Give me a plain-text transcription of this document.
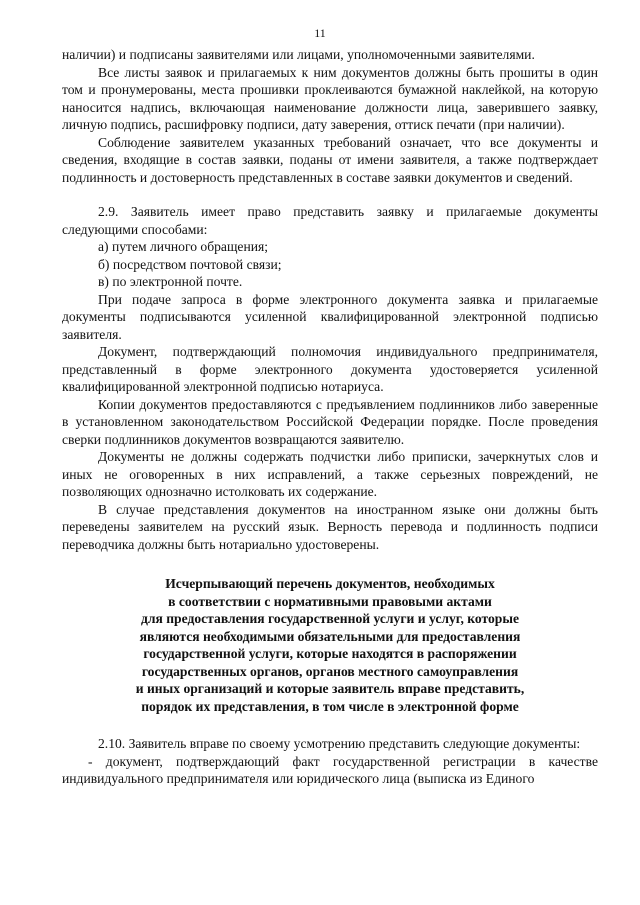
11

наличии) и подписаны заявителями или лицами, уполномоченными заявителями.

Все листы заявок и прилагаемых к ним документов должны быть прошиты в один том и пронумерованы, места прошивки проклеиваются бумажной наклейкой, на которую наносится надпись, включающая наименование должности лица, заверившего заявку, личную подпись, расшифровку подписи, дату заверения, оттиск печати (при наличии).

Соблюдение заявителем указанных требований означает, что все документы и сведения, входящие в состав заявки, поданы от имени заявителя, а также подтверждает подлинность и достоверность представленных в составе заявки документов и сведений.

2.9. Заявитель имеет право представить заявку и прилагаемые документы следующими способами:

а) путем личного обращения;

б) посредством почтовой связи;

в) по электронной почте.

При подаче запроса в форме электронного документа заявка и прилагаемые документы подписываются усиленной квалифицированной электронной подписью заявителя.

Документ, подтверждающий полномочия индивидуального предпринимателя, представленный в форме электронного документа удостоверяется усиленной квалифицированной электронной подписью нотариуса.

Копии документов предоставляются с предъявлением подлинников либо заверенные в установленном законодательством Российской Федерации порядке. После проведения сверки подлинников документов возвращаются заявителю.

Документы не должны содержать подчистки либо приписки, зачеркнутых слов и иных не оговоренных в них исправлений, а также серьезных повреждений, не позволяющих однозначно истолковать их содержание.

В случае представления документов на иностранном языке они должны быть переведены заявителем на русский язык. Верность перевода и подлинность подписи переводчика должны быть нотариально удостоверены.

Исчерпывающий перечень документов, необходимых
в соответствии с нормативными правовыми актами
для предоставления государственной услуги и услуг, которые
являются необходимыми обязательными для предоставления
государственной услуги, которые находятся в распоряжении
государственных органов, органов местного самоуправления
и иных организаций и которые заявитель вправе представить,
порядок их представления, в том числе в электронной форме

2.10. Заявитель вправе по своему усмотрению представить следующие документы:

- документ, подтверждающий факт государственной регистрации в качестве индивидуального предпринимателя или юридического лица (выписка из Единого
